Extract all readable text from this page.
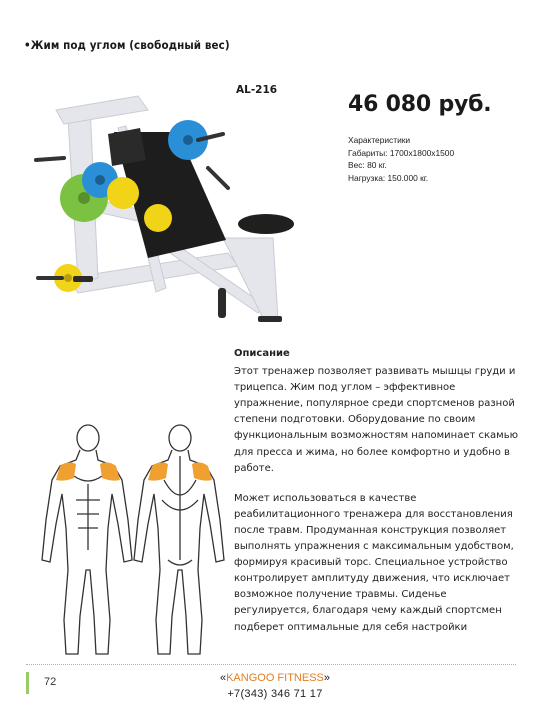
•Жим под углом (свободный вес)
AL-216
46 080 руб.
Характеристики
Габариты: 1700х1800х1500
Вес: 80 кг.
Нагрузка: 150.000 кг.
Описание

Этот тренажер позволяет развивать мышцы груди и трицепса. Жим под углом – эффективное упражнение, популярное среди спортсменов разной степени подготовки. Оборудование по своим функциональным возможностям напоминает скамью для пресса и жима, но более комфортно и удобно в работе.

Может использоваться в качестве реабилитационного тренажера для восстановления после травм. Продуманная конструкция позволяет выполнять упражнения с максимальным удобством, формируя красивый торс. Специальное устройство контролирует амплитуду движения, что исключает возможное получение травмы. Сиденье регулируется, благодаря чему каждый спортсмен подберет оптимальные для себя настройки

72	«KANGOO FITNESS»
+7(343) 346 71 17
